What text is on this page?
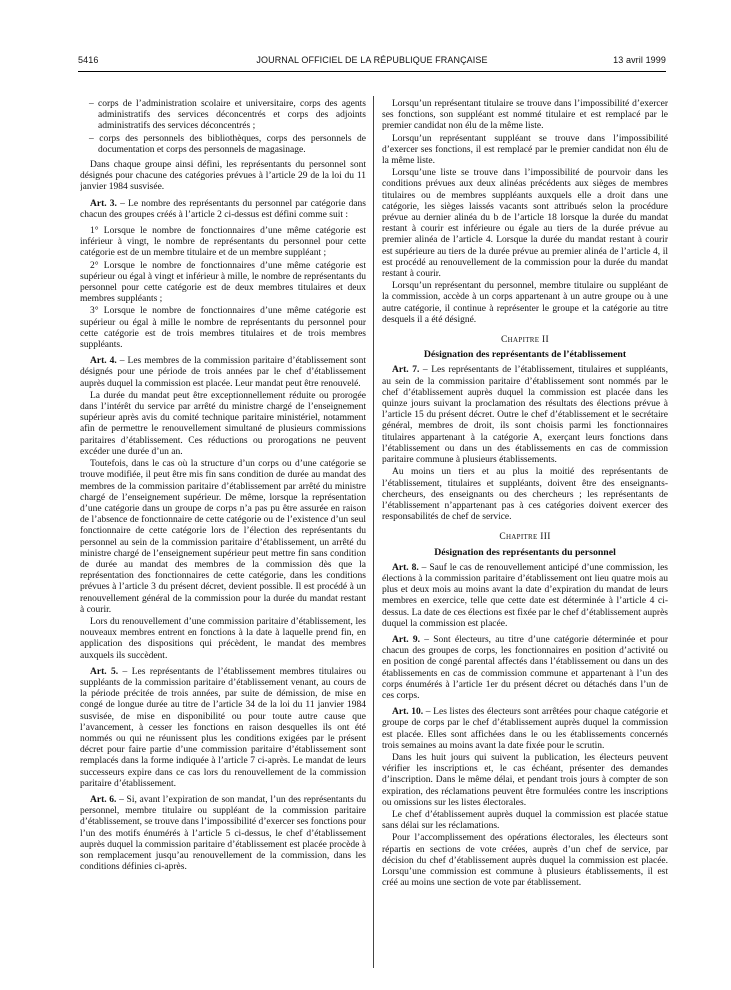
5416	JOURNAL OFFICIEL DE LA RÉPUBLIQUE FRANÇAISE	13 avril 1999

– corps de l’administration scolaire et universitaire, corps des agents administratifs des services déconcentrés et corps des adjoints administratifs des services déconcentrés ;

– corps des personnels des bibliothèques, corps des personnels de documentation et corps des personnels de magasinage.

Dans chaque groupe ainsi défini, les représentants du personnel sont désignés pour chacune des catégories prévues à l’article 29 de la loi du 11 janvier 1984 susvisée.

Art. 3. – Le nombre des représentants du personnel par catégorie dans chacun des groupes créés à l’article 2 ci-dessus est défini comme suit :

1° Lorsque le nombre de fonctionnaires d’une même catégorie est inférieur à vingt, le nombre de représentants du personnel pour cette catégorie est de un membre titulaire et de un membre suppléant ;

2° Lorsque le nombre de fonctionnaires d’une même catégorie est supérieur ou égal à vingt et inférieur à mille, le nombre de représentants du personnel pour cette catégorie est de deux membres titulaires et deux membres suppléants ;

3° Lorsque le nombre de fonctionnaires d’une même catégorie est supérieur ou égal à mille le nombre de représentants du personnel pour cette catégorie est de trois membres titulaires et de trois membres suppléants.

Art. 4. – Les membres de la commission paritaire d’établissement sont désignés pour une période de trois années par le chef d’établissement auprès duquel la commission est placée. Leur mandat peut être renouvelé.

La durée du mandat peut être exceptionnellement réduite ou prorogée dans l’intérêt du service par arrêté du ministre chargé de l’enseignement supérieur après avis du comité technique paritaire ministériel, notamment afin de permettre le renouvellement simultané de plusieurs commissions paritaires d’établissement. Ces réductions ou prorogations ne peuvent excéder une durée d’un an.

Toutefois, dans le cas où la structure d’un corps ou d’une catégorie se trouve modifiée, il peut être mis fin sans condition de durée au mandat des membres de la commission paritaire d’établissement par arrêté du ministre chargé de l’enseignement supérieur. De même, lorsque la représentation d’une catégorie dans un groupe de corps n’a pas pu être assurée en raison de l’absence de fonctionnaire de cette catégorie ou de l’existence d’un seul fonctionnaire de cette catégorie lors de l’élection des représentants du personnel au sein de la commission paritaire d’établissement, un arrêté du ministre chargé de l’enseignement supérieur peut mettre fin sans condition de durée au mandat des membres de la commission dès que la représentation des fonctionnaires de cette catégorie, dans les conditions prévues à l’article 3 du présent décret, devient possible. Il est procédé à un renouvellement général de la commission pour la durée du mandat restant à courir.

Lors du renouvellement d’une commission paritaire d’établissement, les nouveaux membres entrent en fonctions à la date à laquelle prend fin, en application des dispositions qui précèdent, le mandat des membres auxquels ils succèdent.

Art. 5. – Les représentants de l’établissement membres titulaires ou suppléants de la commission paritaire d’établissement venant, au cours de la période précitée de trois années, par suite de démission, de mise en congé de longue durée au titre de l’article 34 de la loi du 11 janvier 1984 susvisée, de mise en disponibilité ou pour toute autre cause que l’avancement, à cesser les fonctions en raison desquelles ils ont été nommés ou qui ne réunissent plus les conditions exigées par le présent décret pour faire partie d’une commission paritaire d’établissement sont remplacés dans la forme indiquée à l’article 7 ci-après. Le mandat de leurs successeurs expire dans ce cas lors du renouvellement de la commission paritaire d’établissement.

Art. 6. – Si, avant l’expiration de son mandat, l’un des représentants du personnel, membre titulaire ou suppléant de la commission paritaire d’établissement, se trouve dans l’impossibilité d’exercer ses fonctions pour l’un des motifs énumérés à l’article 5 ci-dessus, le chef d’établissement auprès duquel la commission paritaire d’établissement est placée procède à son remplacement jusqu’au renouvellement de la commission, dans les conditions définies ci-après.

Lorsqu’un représentant titulaire se trouve dans l’impossibilité d’exercer ses fonctions, son suppléant est nommé titulaire et est remplacé par le premier candidat non élu de la même liste.

Lorsqu’un représentant suppléant se trouve dans l’impossibilité d’exercer ses fonctions, il est remplacé par le premier candidat non élu de la même liste.

Lorsqu’une liste se trouve dans l’impossibilité de pourvoir dans les conditions prévues aux deux alinéas précédents aux sièges de membres titulaires ou de membres suppléants auxquels elle a droit dans une catégorie, les sièges laissés vacants sont attribués selon la procédure prévue au dernier alinéa du b de l’article 18 lorsque la durée du mandat restant à courir est inférieure ou égale au tiers de la durée prévue au premier alinéa de l’article 4. Lorsque la durée du mandat restant à courir est supérieure au tiers de la durée prévue au premier alinéa de l’article 4, il est procédé au renouvellement de la commission pour la durée du mandat restant à courir.

Lorsqu’un représentant du personnel, membre titulaire ou suppléant de la commission, accède à un corps appartenant à un autre groupe ou à une autre catégorie, il continue à représenter le groupe et la catégorie au titre desquels il a été désigné.

Chapitre II

Désignation des représentants de l’établissement

Art. 7. – Les représentants de l’établissement, titulaires et suppléants, au sein de la commission paritaire d’établissement sont nommés par le chef d’établissement auprès duquel la commission est placée dans les quinze jours suivant la proclamation des résultats des élections prévue à l’article 15 du présent décret. Outre le chef d’établissement et le secrétaire général, membres de droit, ils sont choisis parmi les fonctionnaires titulaires appartenant à la catégorie A, exerçant leurs fonctions dans l’établissement ou dans un des établissements en cas de commission paritaire commune à plusieurs établissements.

Au moins un tiers et au plus la moitié des représentants de l’établissement, titulaires et suppléants, doivent être des enseignants-chercheurs, des enseignants ou des chercheurs ; les représentants de l’établissement n’appartenant pas à ces catégories doivent exercer des responsabilités de chef de service.

Chapitre III

Désignation des représentants du personnel

Art. 8. – Sauf le cas de renouvellement anticipé d’une commission, les élections à la commission paritaire d’établissement ont lieu quatre mois au plus et deux mois au moins avant la date d’expiration du mandat de leurs membres en exercice, telle que cette date est déterminée à l’article 4 ci-dessus. La date de ces élections est fixée par le chef d’établissement auprès duquel la commission est placée.

Art. 9. – Sont électeurs, au titre d’une catégorie déterminée et pour chacun des groupes de corps, les fonctionnaires en position d’activité ou en position de congé parental affectés dans l’établissement ou dans un des établissements en cas de commission commune et appartenant à l’un des corps énumérés à l’article 1er du présent décret ou détachés dans l’un de ces corps.

Art. 10. – Les listes des électeurs sont arrêtées pour chaque catégorie et groupe de corps par le chef d’établissement auprès duquel la commission est placée. Elles sont affichées dans le ou les établissements concernés trois semaines au moins avant la date fixée pour le scrutin.

Dans les huit jours qui suivent la publication, les électeurs peuvent vérifier les inscriptions et, le cas échéant, présenter des demandes d’inscription. Dans le même délai, et pendant trois jours à compter de son expiration, des réclamations peuvent être formulées contre les inscriptions ou omissions sur les listes électorales.

Le chef d’établissement auprès duquel la commission est placée statue sans délai sur les réclamations.

Pour l’accomplissement des opérations électorales, les électeurs sont répartis en sections de vote créées, auprès d’un chef de service, par décision du chef d’établissement auprès duquel la commission est placée. Lorsqu’une commission est commune à plusieurs établissements, il est créé au moins une section de vote par établissement.
